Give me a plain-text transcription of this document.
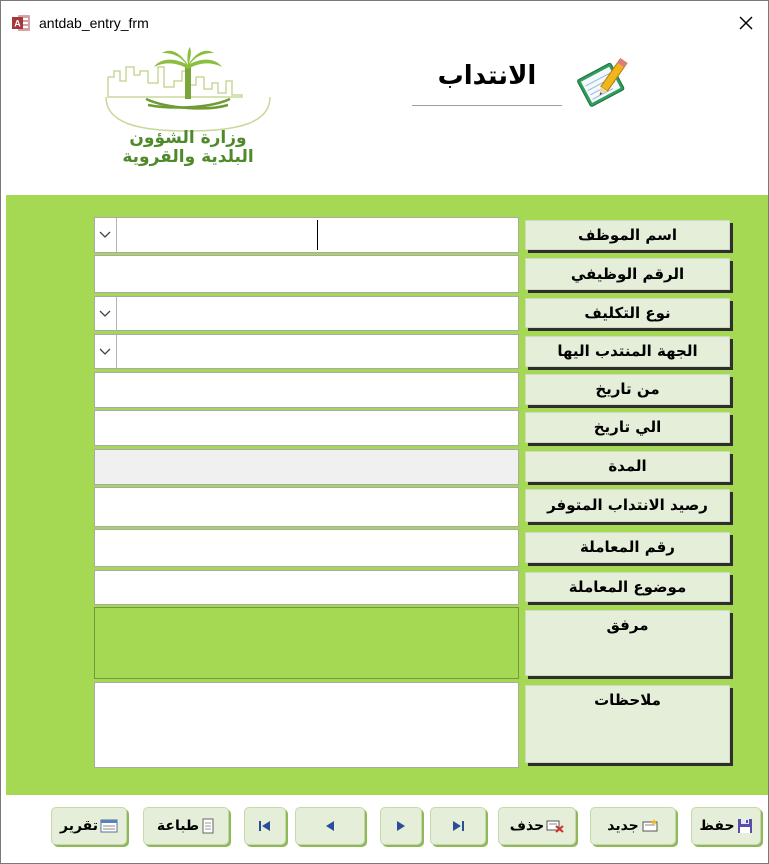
A antdab_entry_frm
وزارة الشؤون
البلدية والقروية
الانتداب
اسم الموظف
الرقم الوظيفي
نوع التكليف
الجهة المنتدب اليها
من تاريخ
الي تاريخ
المدة
رصيد الانتداب المتوفر
رقم المعاملة
موضوع المعاملة
مرفق
ملاحظات
تقرير	طباعة	حذف	جديد	حفظ
